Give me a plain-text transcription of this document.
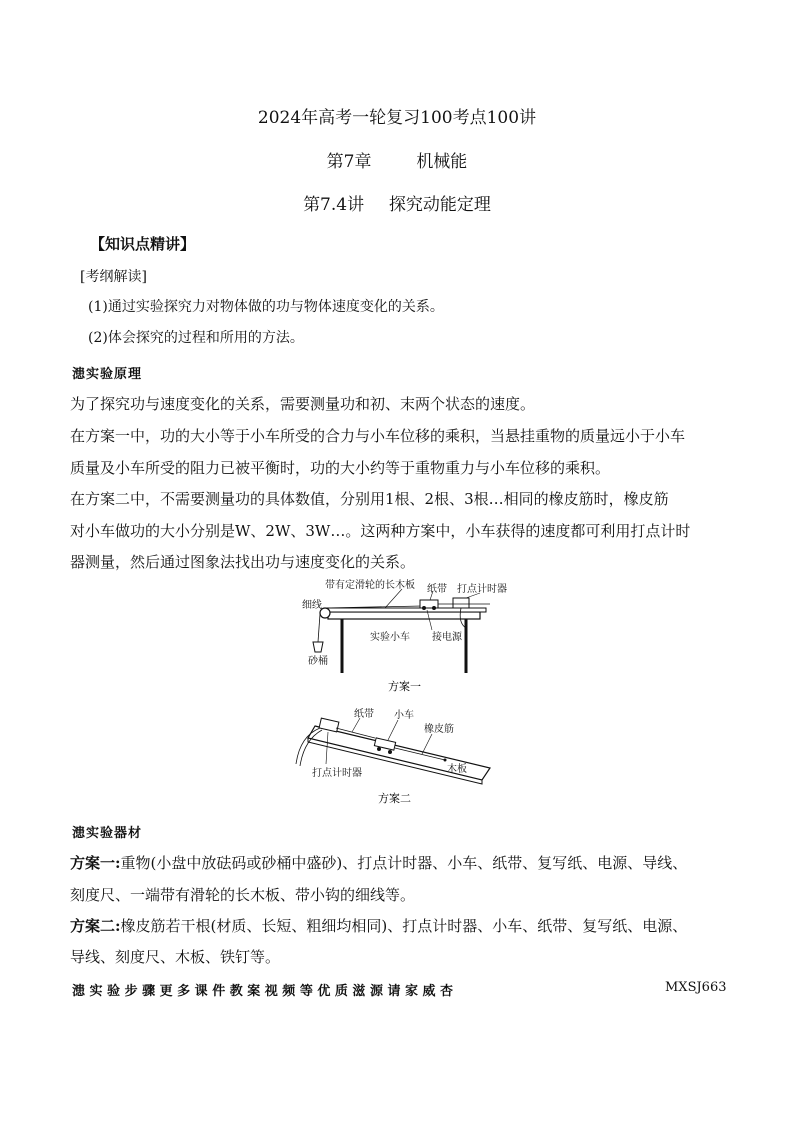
2024年高考一轮复习100考点100讲
第7章	机械能
第7.4讲 探究动能定理
【知识点精讲】
[考纲解读]
(1)通过实验探究力对物体做的功与物体速度变化的关系。
(2)体会探究的过程和所用的方法。
漶实验原理
为了探究功与速度变化的关系，需要测量功和初、末两个状态的速度。
在方案一中，功的大小等于小车所受的合力与小车位移的乘积，当悬挂重物的质量远小于小车
质量及小车所受的阻力已被平衡时，功的大小约等于重物重力与小车位移的乘积。
在方案二中，不需要测量功的具体数值，分别用1根、2根、3根…相同的橡皮筋时，橡皮筋
对小车做功的大小分别是W、2W、3W…。这两种方案中，小车获得的速度都可利用打点计时
器测量，然后通过图象法找出功与速度变化的关系。
带有定滑轮的长木板 纸带 打点计时器
细线
实验小车 接电源
砂桶
方案一
纸带 小车
橡皮筋
木板
打点计时器
方案二
漶实验器材
方案一:重物(小盘中放砝码或砂桶中盛砂)、打点计时器、小车、纸带、复写纸、电源、导线、
刻度尺、一端带有滑轮的长木板、带小钩的细线等。
方案二:橡皮筋若干根(材质、长短、粗细均相同)、打点计时器、小车、纸带、复写纸、电源、
导线、刻度尺、木板、铁钉等。
漶 实 验 步 骤 更 多 课 件 教 案 视 频 等 优 质 滋 源 请 家 威 杏	MXSJ663
